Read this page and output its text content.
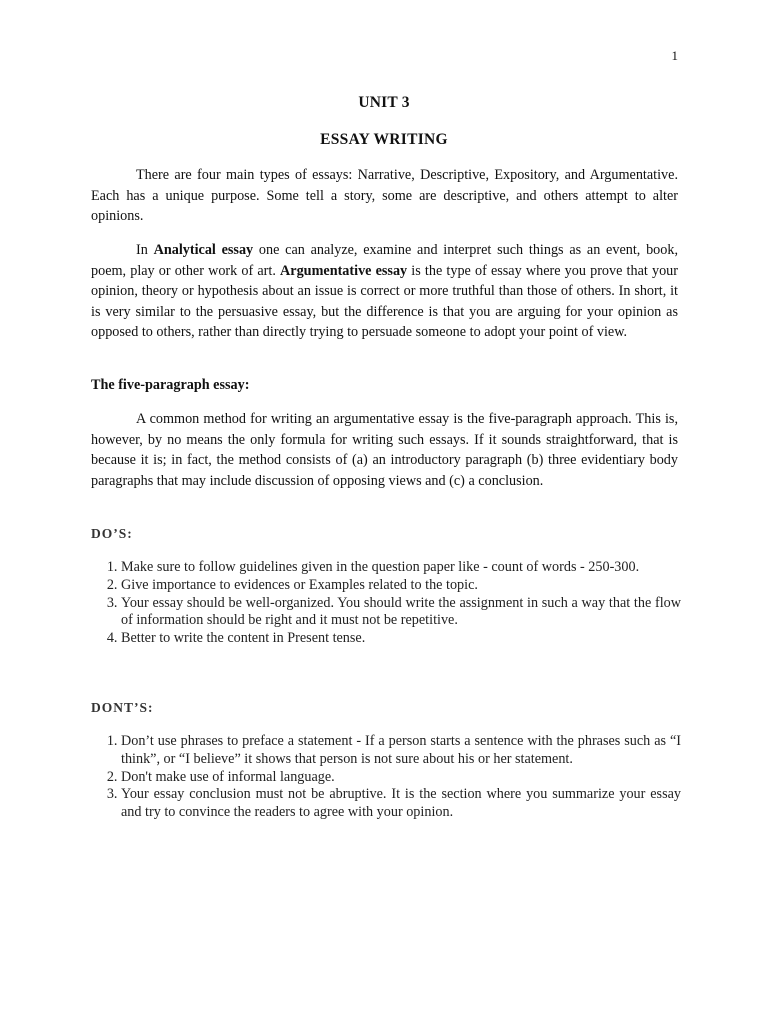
1
UNIT 3
ESSAY WRITING

There are four main types of essays: Narrative, Descriptive, Expository, and Argumentative. Each has a unique purpose. Some tell a story, some are descriptive, and others attempt to alter opinions.

In Analytical essay one can analyze, examine and interpret such things as an event, book, poem, play or other work of art. Argumentative essay is the type of essay where you prove that your opinion, theory or hypothesis about an issue is correct or more truthful than those of others. In short, it is very similar to the persuasive essay, but the difference is that you are arguing for your opinion as opposed to others, rather than directly trying to persuade someone to adopt your point of view.

The five-paragraph essay:

A common method for writing an argumentative essay is the five-paragraph approach. This is, however, by no means the only formula for writing such essays. If it sounds straightforward, that is because it is; in fact, the method consists of (a) an introductory paragraph (b) three evidentiary body paragraphs that may include discussion of opposing views and (c) a conclusion.

DO’S:

1. Make sure to follow guidelines given in the question paper like - count of words - 250-300.
2. Give importance to evidences or Examples related to the topic.
3. Your essay should be well-organized. You should write the assignment in such a way that the flow of information should be right and it must not be repetitive.
4. Better to write the content in Present tense.

DONT’S:

1. Don’t use phrases to preface a statement - If a person starts a sentence with the phrases such as “I think”, or “I believe” it shows that person is not sure about his or her statement.
2. Don't make use of informal language.
3. Your essay conclusion must not be abruptive. It is the section where you summarize your essay and try to convince the readers to agree with your opinion.
